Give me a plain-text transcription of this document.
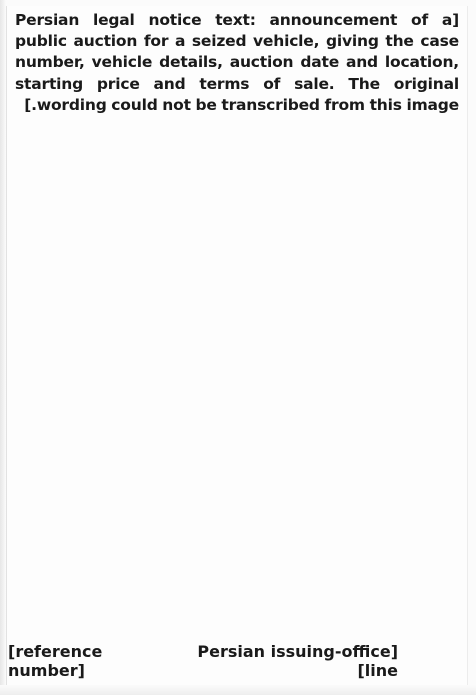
[Persian legal notice text: announcement of a public auction for a seized vehicle, giving the case number, vehicle details, auction date and location, starting price and terms of sale. The original wording could not be transcribed from this image.]

[Persian issuing-office line]
[reference number]
